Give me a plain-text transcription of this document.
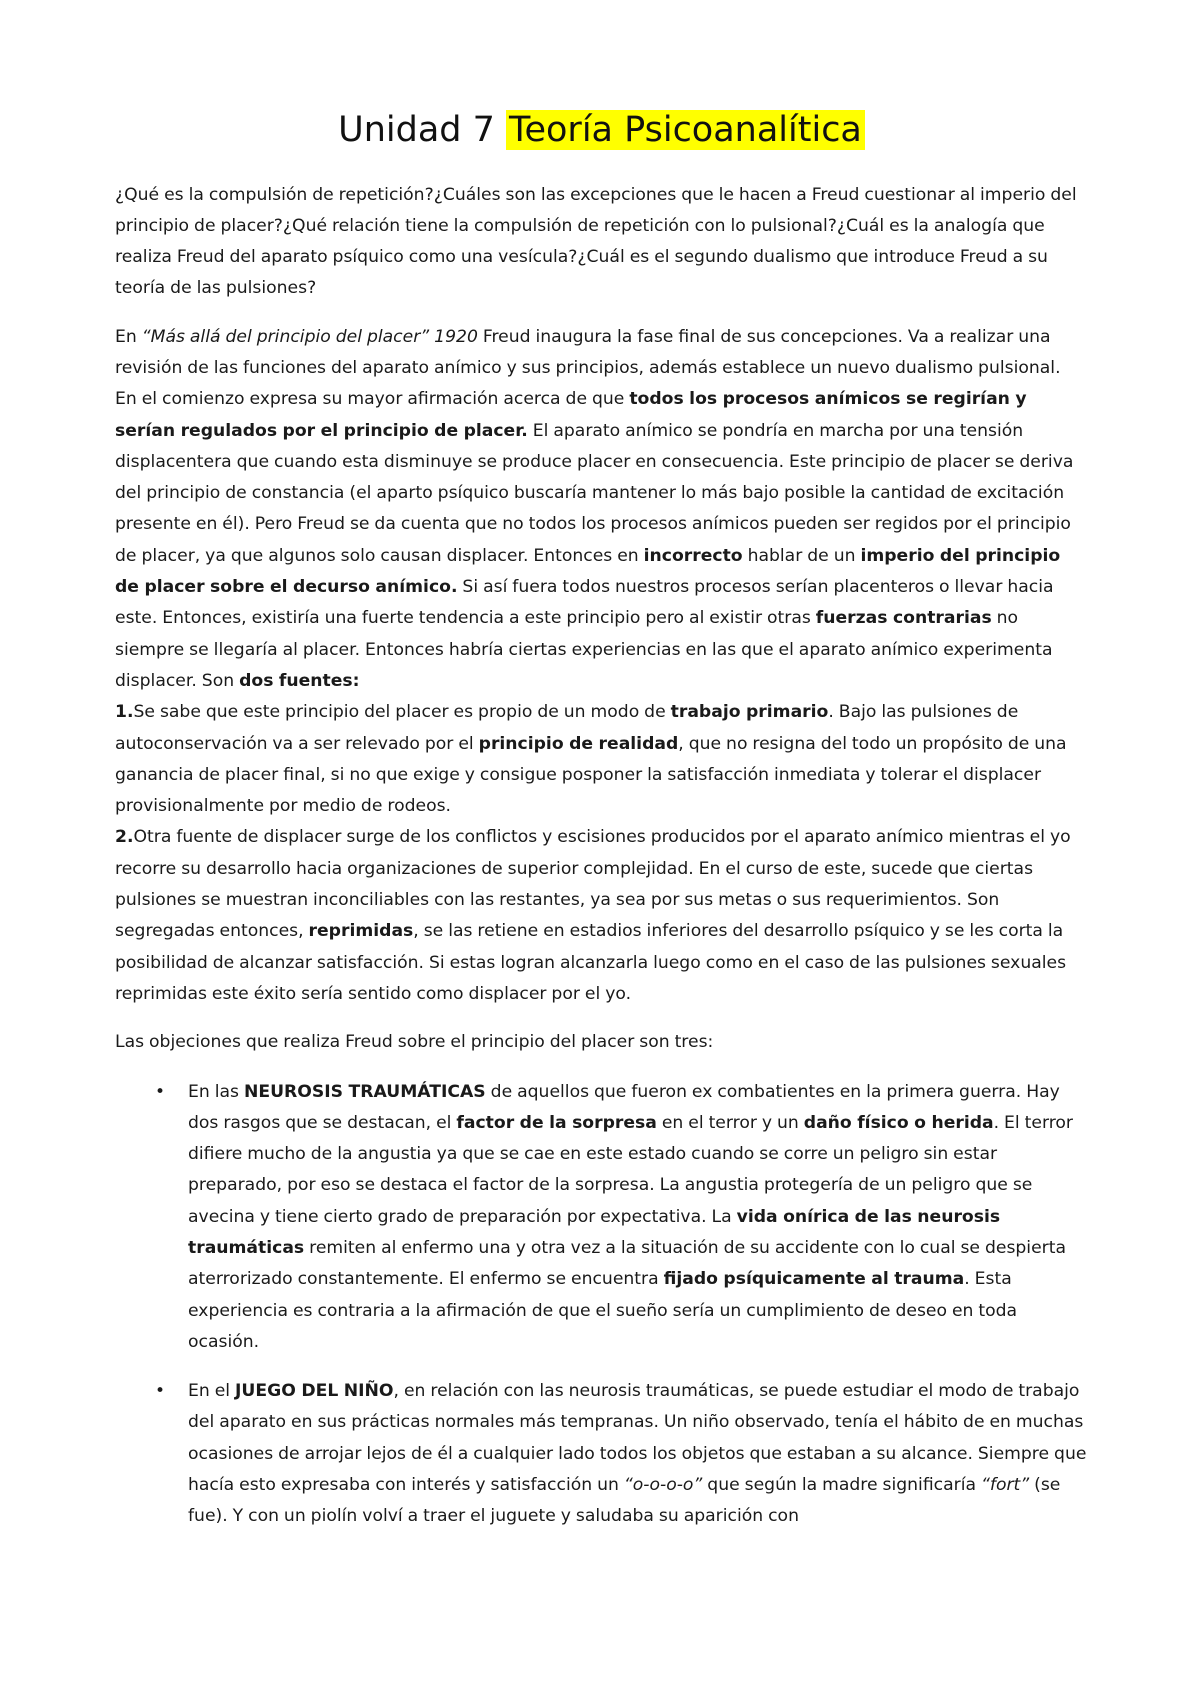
Unidad 7 Teoría Psicoanalítica

¿Qué es la compulsión de repetición?¿Cuáles son las excepciones que le hacen a Freud cuestionar al imperio del principio de placer?¿Qué relación tiene la compulsión de repetición con lo pulsional?¿Cuál es la analogía que realiza Freud del aparato psíquico como una vesícula?¿Cuál es el segundo dualismo que introduce Freud a su teoría de las pulsiones?

En “Más allá del principio del placer” 1920 Freud inaugura la fase final de sus concepciones. Va a realizar una revisión de las funciones del aparato anímico y sus principios, además establece un nuevo dualismo pulsional.

En el comienzo expresa su mayor afirmación acerca de que todos los procesos anímicos se regirían y serían regulados por el principio de placer. El aparato anímico se pondría en marcha por una tensión displacentera que cuando esta disminuye se produce placer en consecuencia. Este principio de placer se deriva del principio de constancia (el aparto psíquico buscaría mantener lo más bajo posible la cantidad de excitación presente en él). Pero Freud se da cuenta que no todos los procesos anímicos pueden ser regidos por el principio de placer, ya que algunos solo causan displacer. Entonces en incorrecto hablar de un imperio del principio de placer sobre el decurso anímico. Si así fuera todos nuestros procesos serían placenteros o llevar hacia este. Entonces, existiría una fuerte tendencia a este principio pero al existir otras fuerzas contrarias no siempre se llegaría al placer. Entonces habría ciertas experiencias en las que el aparato anímico experimenta displacer. Son dos fuentes:

1.Se sabe que este principio del placer es propio de un modo de trabajo primario. Bajo las pulsiones de autoconservación va a ser relevado por el principio de realidad, que no resigna del todo un propósito de una ganancia de placer final, si no que exige y consigue posponer la satisfacción inmediata y tolerar el displacer provisionalmente por medio de rodeos.

2.Otra fuente de displacer surge de los conflictos y escisiones producidos por el aparato anímico mientras el yo recorre su desarrollo hacia organizaciones de superior complejidad. En el curso de este, sucede que ciertas pulsiones se muestran inconciliables con las restantes, ya sea por sus metas o sus requerimientos. Son segregadas entonces, reprimidas, se las retiene en estadios inferiores del desarrollo psíquico y se les corta la posibilidad de alcanzar satisfacción. Si estas logran alcanzarla luego como en el caso de las pulsiones sexuales reprimidas este éxito sería sentido como displacer por el yo.

Las objeciones que realiza Freud sobre el principio del placer son tres:

• En las NEUROSIS TRAUMÁTICAS de aquellos que fueron ex combatientes en la primera guerra. Hay dos rasgos que se destacan, el factor de la sorpresa en el terror y un daño físico o herida. El terror difiere mucho de la angustia ya que se cae en este estado cuando se corre un peligro sin estar preparado, por eso se destaca el factor de la sorpresa. La angustia protegería de un peligro que se avecina y tiene cierto grado de preparación por expectativa. La vida onírica de las neurosis traumáticas remiten al enfermo una y otra vez a la situación de su accidente con lo cual se despierta aterrorizado constantemente. El enfermo se encuentra fijado psíquicamente al trauma. Esta experiencia es contraria a la afirmación de que el sueño sería un cumplimiento de deseo en toda ocasión.
• En el JUEGO DEL NIÑO, en relación con las neurosis traumáticas, se puede estudiar el modo de trabajo del aparato en sus prácticas normales más tempranas. Un niño observado, tenía el hábito de en muchas ocasiones de arrojar lejos de él a cualquier lado todos los objetos que estaban a su alcance. Siempre que hacía esto expresaba con interés y satisfacción un “o-o-o-o” que según la madre significaría “fort” (se fue). Y con un piolín volví a traer el juguete y saludaba su aparición con
